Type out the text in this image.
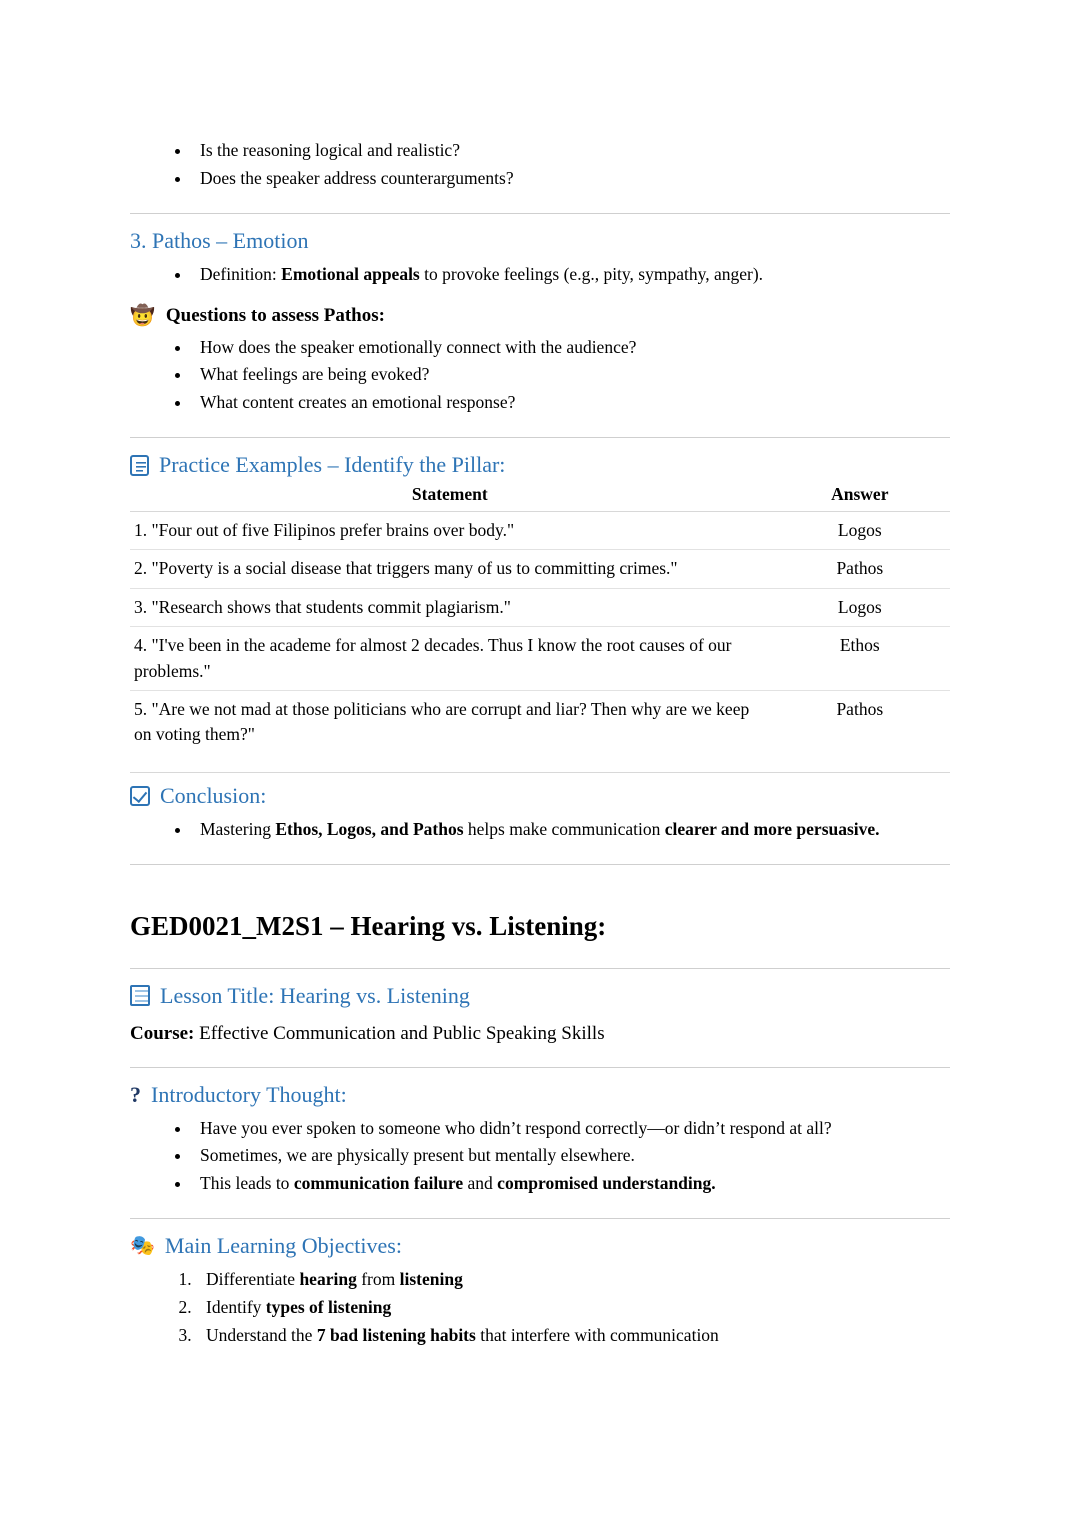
• Is the reasoning logical and realistic?
• Does the speaker address counterarguments?
3. Pathos – Emotion
• Definition: Emotional appeals to provoke feelings (e.g., pity, sympathy, anger).
🤠 Questions to assess Pathos:
• How does the speaker emotionally connect with the audience?
• What feelings are being evoked?
• What content creates an emotional response?
Practice Examples – Identify the Pillar:
Statement	Answer
1. "Four out of five Filipinos prefer brains over body."	Logos
2. "Poverty is a social disease that triggers many of us to committing crimes."	Pathos
3. "Research shows that students commit plagiarism."	Logos
4. "I've been in the academe for almost 2 decades. Thus I know the root causes of our problems."	Ethos
5. "Are we not mad at those politicians who are corrupt and liar? Then why are we keep on voting them?"	Pathos
Conclusion:
• Mastering Ethos, Logos, and Pathos helps make communication clearer and more persuasive.
GED0021_M2S1 – Hearing vs. Listening:
Lesson Title: Hearing vs. Listening
Course: Effective Communication and Public Speaking Skills
? Introductory Thought:
• Have you ever spoken to someone who didn’t respond correctly—or didn’t respond at all?
• Sometimes, we are physically present but mentally elsewhere.
• This leads to communication failure and compromised understanding.
🎭 Main Learning Objectives:
1. Differentiate hearing from listening
2. Identify types of listening
3. Understand the 7 bad listening habits that interfere with communication
